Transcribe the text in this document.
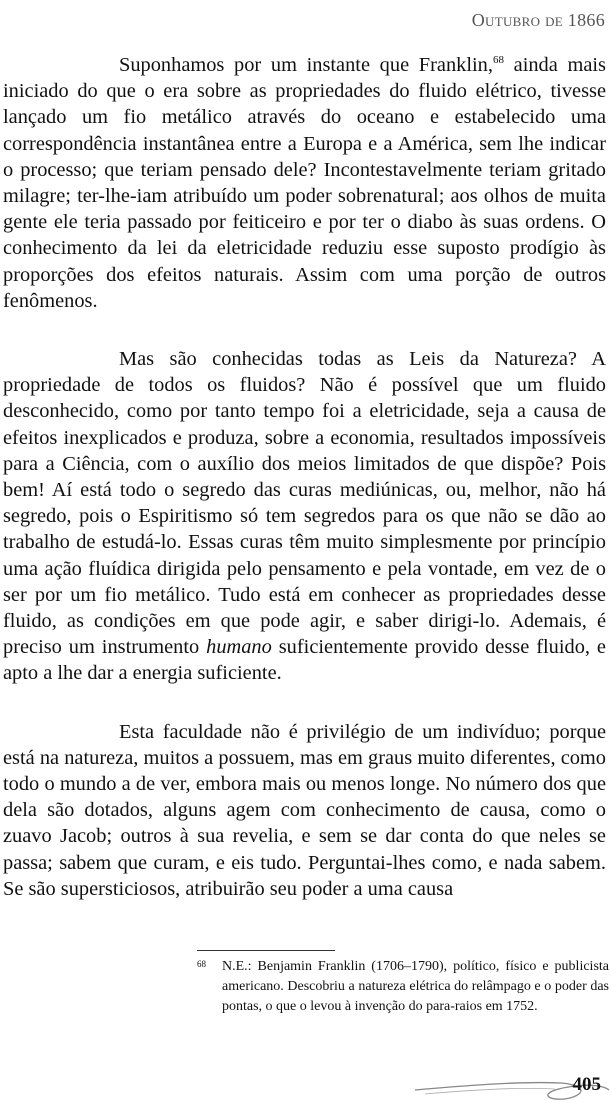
Outubro de 1866

Suponhamos por um instante que Franklin,$^{68}$ ainda mais iniciado do que o era sobre as propriedades do fluido elétrico, tivesse lançado um fio metálico através do oceano e estabelecido uma correspondência instantânea entre a Europa e a América, sem lhe indicar o processo; que teriam pensado dele? Incontestavelmente teriam gritado milagre; ter-lhe-iam atribuído um poder sobrenatural; aos olhos de muita gente ele teria passado por feiticeiro e por ter o diabo às suas ordens. O conhecimento da lei da eletricidade reduziu esse suposto prodígio às proporções dos efeitos naturais. Assim com uma porção de outros fenômenos.

Mas são conhecidas todas as Leis da Natureza? A propriedade de todos os fluidos? Não é possível que um fluido desconhecido, como por tanto tempo foi a eletricidade, seja a causa de efeitos inexplicados e produza, sobre a economia, resultados impossíveis para a Ciência, com o auxílio dos meios limitados de que dispõe? Pois bem! Aí está todo o segredo das curas mediúnicas, ou, melhor, não há segredo, pois o Espiritismo só tem segredos para os que não se dão ao trabalho de estudá-lo. Essas curas têm muito simplesmente por princípio uma ação fluídica dirigida pelo pensamento e pela vontade, em vez de o ser por um fio metálico. Tudo está em conhecer as propriedades desse fluido, as condições em que pode agir, e saber dirigi-lo. Ademais, é preciso um instrumento humano suficientemente provido desse fluido, e apto a lhe dar a energia suficiente.

Esta faculdade não é privilégio de um indivíduo; porque está na natureza, muitos a possuem, mas em graus muito diferentes, como todo o mundo a de ver, embora mais ou menos longe. No número dos que dela são dotados, alguns agem com conhecimento de causa, como o zuavo Jacob; outros à sua revelia, e sem se dar conta do que neles se passa; sabem que curam, e eis tudo. Perguntai-lhes como, e nada sabem. Se são supersticiosos, atribuirão seu poder a uma causa

68	N.E.: Benjamin Franklin (1706–1790), político, físico e publicista americano. Descobriu a natureza elétrica do relâmpago e o poder das pontas, o que o levou à invenção do para-raios em 1752.
405
